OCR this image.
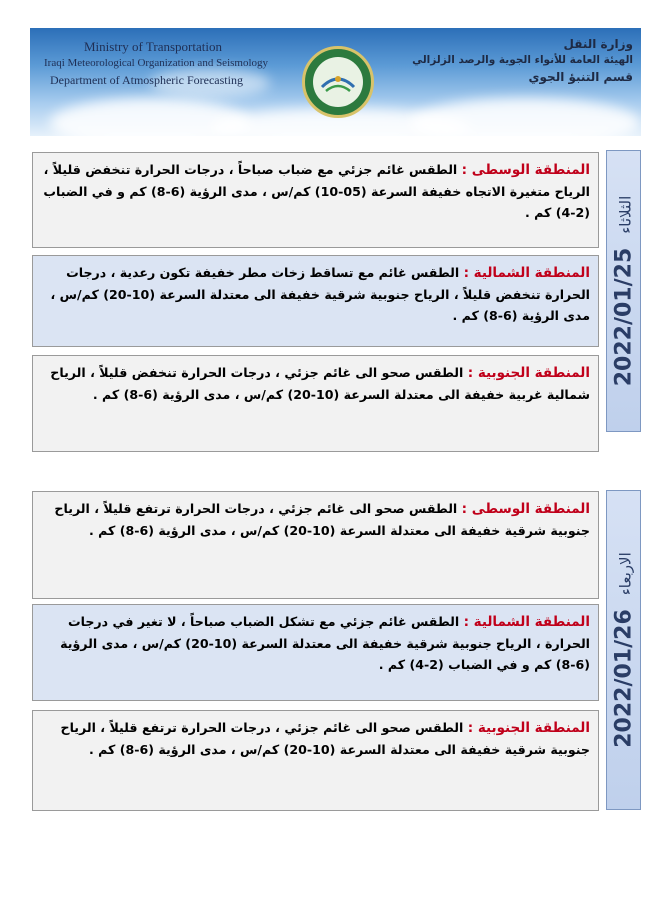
Ministry of Transportation
Iraqi Meteorological Organization and Seismology
Department of Atmospheric Forecasting
وزارة النقل
الهيئة العامة للأنواء الجوية والرصد الزلزالي
قسم التنبؤ الجوي
الثلاثاء2022/01/25
المنطقة الوسطى : الطقس غائم جزئي مع ضباب صباحاً ، درجات الحرارة تنخفض قليلاً ، الرياح متغيرة الاتجاه خفيفة السرعة (05-10) كم/س ، مدى الرؤية (6-8) كم و في الضباب (2-4) كم .
المنطقة الشمالية : الطقس غائم مع تساقط زخات مطر خفيفة تكون رعدية ، درجات الحرارة تنخفض قليلاً ، الرياح جنوبية شرقية خفيفة الى معتدلة السرعة (10-20) كم/س ، مدى الرؤية (6-8) كم .
المنطقة الجنوبية : الطقس صحو الى غائم جزئي ، درجات الحرارة تنخفض قليلاً ، الرياح شمالية غربية خفيفة الى معتدلة السرعة (10-20) كم/س ، مدى الرؤية (6-8) كم .
الاربعاء2022/01/26
المنطقة الوسطى : الطقس صحو الى غائم جزئي ، درجات الحرارة ترتفع قليلاً ، الرياح جنوبية شرقية خفيفة الى معتدلة السرعة (10-20) كم/س ، مدى الرؤية (6-8) كم .
المنطقة الشمالية : الطقس غائم جزئي مع تشكل الضباب صباحاً ، لا تغير في درجات الحرارة ، الرياح جنوبية شرقية خفيفة الى معتدلة السرعة (10-20) كم/س ، مدى الرؤية (6-8) كم و في الضباب (2-4) كم .
المنطقة الجنوبية : الطقس صحو الى غائم جزئي ، درجات الحرارة ترتفع قليلاً ، الرياح جنوبية شرقية خفيفة الى معتدلة السرعة (10-20) كم/س ، مدى الرؤية (6-8) كم .
